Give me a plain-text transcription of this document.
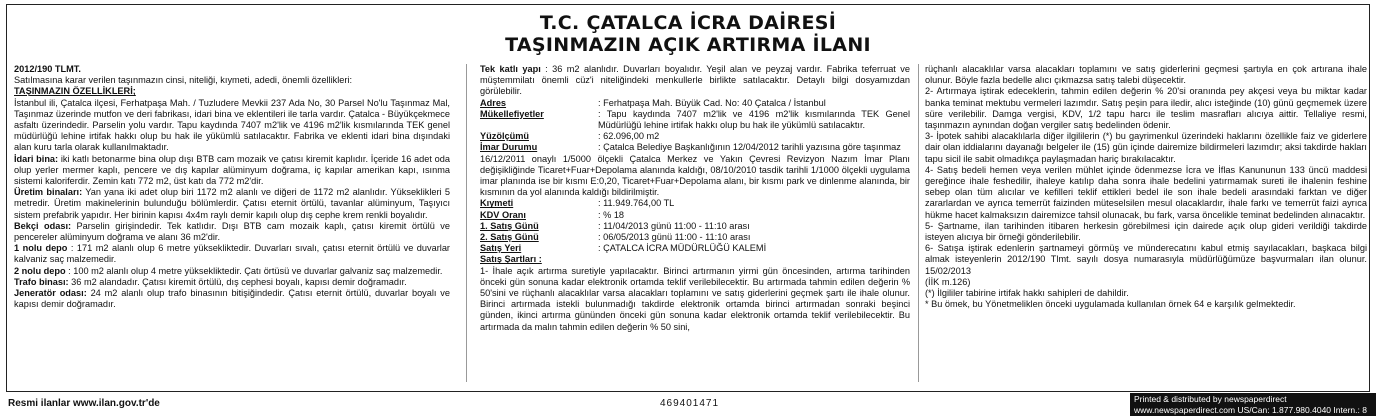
T.C. ÇATALCA İCRA DAİRESİ
TAŞINMAZIN AÇIK ARTIRMA İLANI

2012/190 TLMT.

Satılmasına karar verilen taşınmazın cinsi, niteliği, kıymeti, adedi, önemli özellikleri:

TAŞINMAZIN ÖZELLİKLERİ;

İstanbul ili, Çatalca ilçesi, Ferhatpaşa Mah. / Tuzludere Mevkii 237 Ada No, 30 Parsel No'lu Taşınmaz Mal, Taşınmaz üzerinde mutfon ve deri fabrikası, idari bina ve eklentileri ile tarla vardır. Çatalca - Büyükçekmece asfaltı üzerindedir. Parselin yolu vardır. Tapu kaydında 7407 m2'lik ve 4196 m2'lik kısmılarında TEK genel müdürlüğü lehine irtifak hakkı olup bu hak ile yükümlü satılacaktır. Fabrika ve eklenti idari bina dışındaki alan kuru tarla olarak kullanılmaktadır.

İdari bina: iki katlı betonarme bina olup dışı BTB cam mozaik ve çatısı kiremit kaplıdır. İçeride 16 adet oda olup yerler mermer kaplı, pencere ve dış kapılar alüminyum doğrama, iç kapılar amerikan kapı, ısınma sistemi kaloriferdir. Zemin katı 772 m2, üst katı da 772 m2'dir.

Üretim binaları: Yan yana iki adet olup biri 1172 m2 alanlı ve diğeri de 1172 m2 alanlıdır. Yükseklikleri 5 metredir. Üretim makinelerinin bulunduğu bölümlerdir. Çatısı eternit örtülü, tavanlar alüminyum, Taşıyıcı sistem prefabrik yapıdır. Her birinin kapısı 4x4m raylı demir kapılı olup dış cephe krem renkli boyalıdır.

Bekçi odası: Parselin girişindedir. Tek katlıdır. Dışı BTB cam mozaik kaplı, çatısı kiremit örtülü ve pencereler alüminyum doğrama ve alanı 36 m2'dir.

1 nolu depo : 171 m2 alanlı olup 6 metre yüksekliktedir. Duvarları sıvalı, çatısı eternit örtülü ve duvarlar kalvaniz saç malzemedir.

2 nolu depo : 100 m2 alanlı olup 4 metre yüksekliktedir. Çatı örtüsü ve duvarlar galvaniz saç malzemedir.

Trafo binası: 36 m2 alandadır. Çatısı kiremit örtülü, dış cephesi boyalı, kapısı demir doğramadır.

Jeneratör odası: 24 m2 alanlı olup trafo binasının bitişiğindedir. Çatısı eternit örtülü, duvarlar boyalı ve kapısı demir doğramadır.

Tek katlı yapı : 36 m2 alanlıdır. Duvarları boyalıdır. Yeşil alan ve peyzaj vardır. Fabrika teferruat ve müştemmilatı önemli cüz'i niteliğindeki menkullerle birlikte satılacaktır. Detaylı bilgi dosyamızdan görülebilir.

Adres	: Ferhatpaşa Mah. Büyük Cad. No: 40 Çatalca / İstanbul
Mükellefiyetler	: Tapu kaydında 7407 m2'lik ve 4196 m2'lik kısmılarında TEK Genel Müdürlüğü lehine irtifak hakkı olup bu hak ile yükümlü satılacaktır.
Yüzölçümü	: 62.096,00 m2
İmar Durumu	: Çatalca Belediye Başkanlığının 12/04/2012 tarihli yazısına göre taşınmaz

16/12/2011 onaylı 1/5000 ölçekli Çatalca Merkez ve Yakın Çevresi Revizyon Nazım İmar Planı değişikliğinde Ticaret+Fuar+Depolama alanında kaldığı, 08/10/2010 tasdik tarihli 1/1000 ölçekli uygulama imar planında ise bir kısmı E:0,20, Ticaret+Fuar+Depolama alanı, bir kısmı park ve dinlenme alanında, bir kısmının da yol alanında kaldığı bildirilmiştir.

Kıymeti	: 11.949.764,00 TL
KDV Oranı	: % 18
1. Satış Günü	: 11/04/2013 günü 11:00 - 11:10 arası
2. Satış Günü	: 06/05/2013 günü 11:00 - 11:10 arası
Satış Yeri	: ÇATALCA İCRA MÜDÜRLÜĞÜ KALEMİ

Satış Şartları :

1- İhale açık artırma suretiyle yapılacaktır. Birinci artırmanın yirmi gün öncesinden, artırma tarihinden önceki gün sonuna kadar elektronik ortamda teklif verilebilecektir. Bu artırmada tahmin edilen değerin % 50'sini ve rüçhanlı alacaklılar varsa alacakları toplamını ve satış giderlerini geçmek şartı ile ihale olunur. Birinci artırmada istekli bulunmadığı takdirde elektronik ortamda birinci artırmadan sonraki beşinci günden, ikinci artırma gününden önceki gün sonuna kadar elektronik ortamda teklif verilebilecektir. Bu artırmada da malın tahmin edilen değerin % 50 sini,

rüçhanlı alacaklılar varsa alacakları toplamını ve satış giderlerini geçmesi şartıyla en çok artırana ihale olunur. Böyle fazla bedelle alıcı çıkmazsa satış talebi düşecektir.

2- Artırmaya iştirak edeceklerin, tahmin edilen değerin % 20'si oranında pey akçesi veya bu miktar kadar banka teminat mektubu vermeleri lazımdır. Satış peşin para iledir, alıcı isteğinde (10) günü geçmemek üzere süre verilebilir. Damga vergisi, KDV, 1/2 tapu harcı ile teslim masrafları alıcıya aittir. Tellaliye resmi, taşınmazın aynından doğan vergiler satış bedelinden ödenir.

3- İpotek sahibi alacaklılarla diğer ilgililerin (*) bu gayrimenkul üzerindeki haklarını özellikle faiz ve giderlere dair olan iddialarını dayanağı belgeler ile (15) gün içinde dairemize bildirmeleri lazımdır; aksi takdirde hakları tapu sicil ile sabit olmadıkça paylaşmadan hariç bırakılacaktır.

4- Satış bedeli hemen veya verilen mühlet içinde ödenmezse İcra ve İflas Kanununun 133 üncü maddesi gereğince ihale feshedilir, ihaleye katılıp daha sonra ihale bedelini yatırmamak sureti ile ihalenin feshine sebep olan tüm alıcılar ve kefilleri teklif ettikleri bedel ile son ihale bedeli arasındaki farktan ve diğer zararlardan ve ayrıca temerrüt faizinden müteselsilen mesul olacaklardır, ihale farkı ve temerrüt faizi ayrıca hükme hacet kalmaksızın dairemizce tahsil olunacak, bu fark, varsa öncelikle teminat bedelinden alınacaktır.

5- Şartname, ilan tarihinden itibaren herkesin görebilmesi için dairede açık olup gideri verildiği takdirde isteyen alıcıya bir örneği gönderilebilir.

6- Satışa iştirak edenlerin şartnameyi görmüş ve münderecatını kabul etmiş sayılacakları, başkaca bilgi almak isteyenlerin 2012/190 Tlmt. sayılı dosya numarasıyla müdürlüğümüze başvurmaları ilan olunur. 15/02/2013

(İİK m.126)

(*) İlgililer tabirine irtifak hakkı sahipleri de dahildir.

* Bu ömek, bu Yönetmeliklen önceki uygulamada kullanılan örnek 64 e karşılık gelmektedir.

Resmi ilanlar www.ilan.gov.tr'de	469401471	Printed & distributed by newspaperdirect
www.newspaperdirect.com US/Can: 1.877.980.4040 Intern.: 8
